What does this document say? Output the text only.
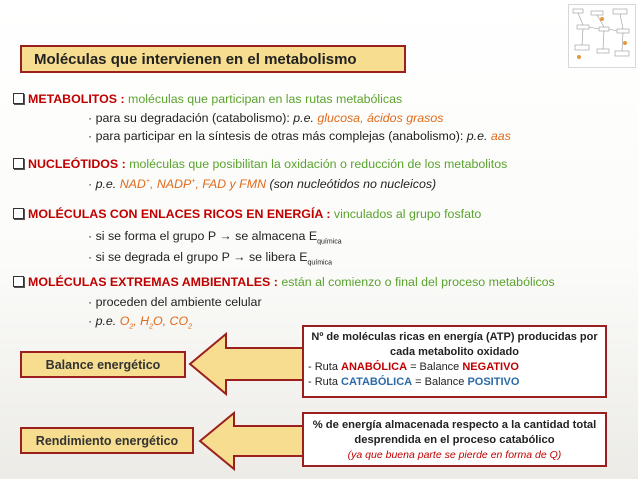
Moléculas que intervienen en el metabolismo
METABOLITOS : moléculas que participan en las rutas metabólicas
· para su degradación (catabolismo): p.e. glucosa, ácidos grasos
· para participar en la síntesis de otras más complejas (anabolismo): p.e. aas
NUCLEÓTIDOS : moléculas que posibilitan la oxidación o reducción de los metabolitos
· p.e. NAD+, NADP+, FAD y FMN (son nucleótidos no nucleicos)
MOLÉCULAS CON ENLACES RICOS EN ENERGÍA : vinculados al grupo fosfato
· si se forma el grupo P → se almacena $E_{química}$
· si se degrada el grupo P → se libera $E_{química}$
MOLÉCULAS EXTREMAS AMBIENTALES : están al comienzo o final del proceso metabólicos
· proceden del ambiente celular
· p.e. $O_2$, $H_2O$, $CO_2$
Balance energético
Nº de moléculas ricas en energía (ATP) producidas por cada metabolito oxidado
- Ruta ANABÓLICA = Balance NEGATIVO
- Ruta CATABÓLICA = Balance POSITIVO
Rendimiento energético
% de energía almacenada respecto a la cantidad total desprendida en el proceso catabólico
(ya que buena parte se pierde en forma de Q)
